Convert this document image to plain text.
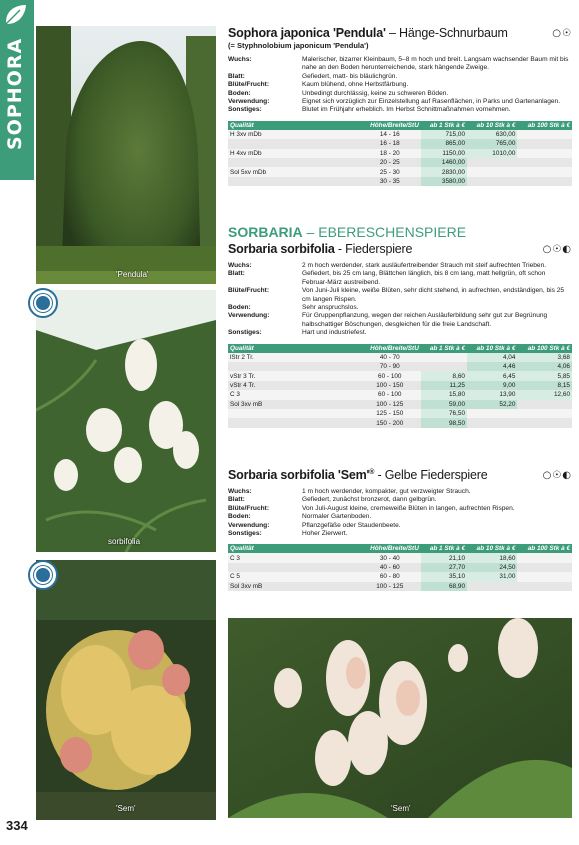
SOPHORA
'Pendula'
sorbifolia
'Sem'	'Sem'
Sophora japonica 'Pendula' – Hänge-Schnurbaum	○☉
(= Styphnolobium japonicum 'Pendula')
Wuchs:	Malerischer, bizarrer Kleinbaum, 5–8 m hoch und breit. Langsam wachsender Baum mit bis nahe an den Boden herunterreichende, stark hängende Zweige.
Blatt:	Gefiedert, matt- bis bläulichgrün.
Blüte/Frucht:	Kaum blühend, ohne Herbstfärbung.
Boden:	Unbedingt durchlässig, keine zu schweren Böden.
Verwendung:	Eignet sich vorzüglich zur Einzelstellung auf Rasenflächen, in Parks und Gartenanlagen.
Sonstiges:	Blutet im Frühjahr erheblich. Im Herbst Schnittmaßnahmen vornehmen.
Qualität	Höhe/Breite/StU	ab 1 Stk à €	ab 10 Stk à €	ab 100 Stk à €
H 3xv mDb	14 - 16	715,00	630,00	
	16 - 18	865,00	765,00	
H 4xv mDb	18 - 20	1150,00	1010,00	
	20 - 25	1460,00		
Sol 5xv mDb	25 - 30	2830,00		
	30 - 35	3580,00		
SORBARIA – EBERESCHENSPIERE
Sorbaria sorbifolia - Fiederspiere	○☉◐
Wuchs:	2 m hoch werdender, stark ausläufertreibender Strauch mit steif aufrechten Trieben.
Blatt:	Gefiedert, bis 25 cm lang, Blättchen länglich, bis 8 cm lang, matt hellgrün, oft schon Februar-März austreibend.
Blüte/Frucht:	Von Juni-Juli kleine, weiße Blüten, sehr dicht stehend, in aufrechten, endständigen, bis 25 cm langen Rispen.
Boden:	Sehr anspruchslos.
Verwendung:	Für Gruppenpflanzung, wegen der reichen Ausläuferbildung sehr gut zur Begrünung halbschattiger Böschungen, desgleichen für die freie Landschaft.
Sonstiges:	Hart und industriefest.
Qualität	Höhe/Breite/StU	ab 1 Stk à €	ab 10 Stk à €	ab 100 Stk à €
lStr 2 Tr.	40 - 70		4,04	3,68
	70 - 90		4,46	4,06
vStr 3 Tr.	60 - 100	8,60	6,45	5,85
vStr 4 Tr.	100 - 150	11,25	9,00	8,15
C 3	60 - 100	15,80	13,90	12,60
Sol 3xv mB	100 - 125	59,00	52,20	
	125 - 150	76,50		
	150 - 200	98,50		
Sorbaria sorbifolia 'Sem'® - Gelbe Fiederspiere	○☉◐
Wuchs:	1 m hoch werdender, kompakter, gut verzweigter Strauch.
Blatt:	Gefiedert, zunächst bronzerot, dann gelbgrün.
Blüte/Frucht:	Von Juli-August kleine, cremeweiße Blüten in langen, aufrechten Rispen.
Boden:	Normaler Gartenboden.
Verwendung:	Pflanzgefäße oder Staudenbeete.
Sonstiges:	Hoher Zierwert.
Qualität	Höhe/Breite/StU	ab 1 Stk à €	ab 10 Stk à €	ab 100 Stk à €
C 3	30 - 40	21,10	18,60	
	40 - 60	27,70	24,50	
C 5	60 - 80	35,10	31,00	
Sol 3xv mB	100 - 125	68,90		
334
